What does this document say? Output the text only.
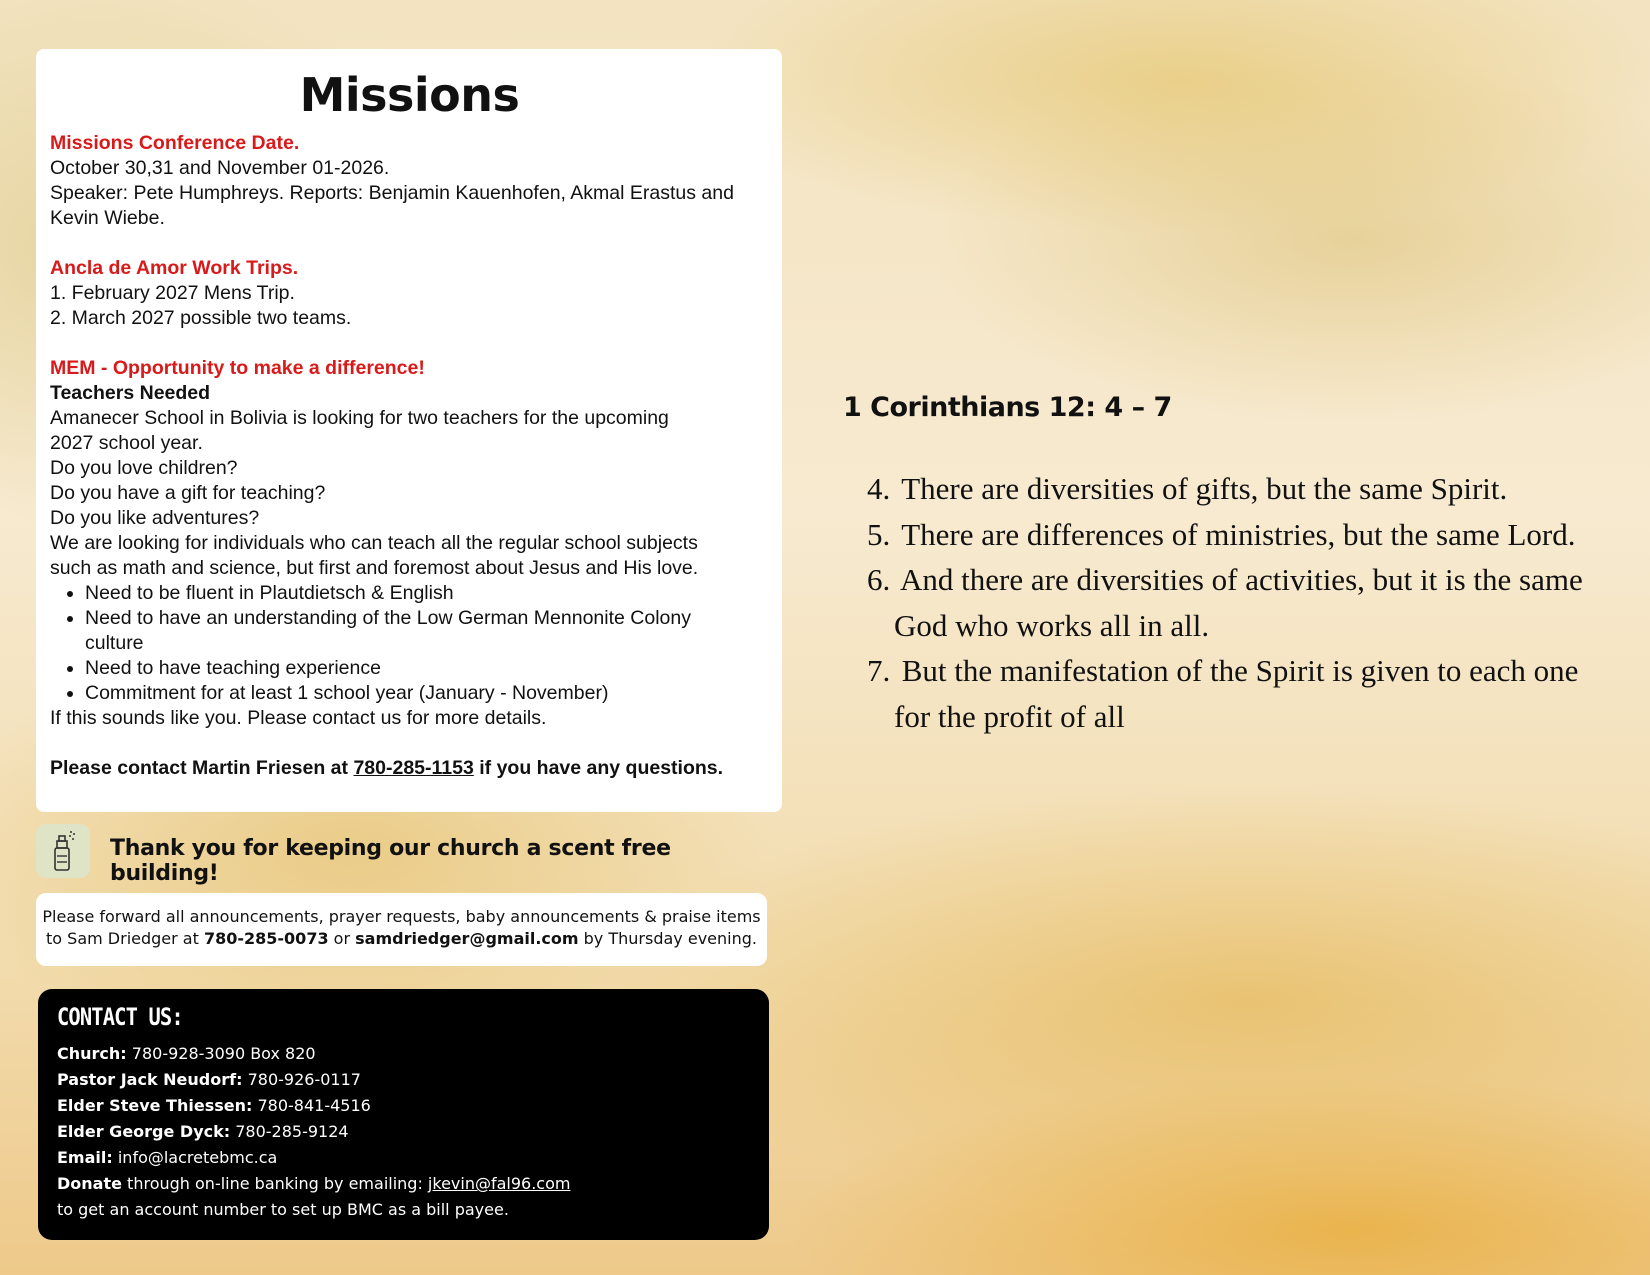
Missions
Missions Conference Date.
October 30,31 and November 01-2026.
Speaker: Pete Humphreys. Reports: Benjamin Kauenhofen, Akmal Erastus and Kevin Wiebe.
Ancla de Amor Work Trips.
1. February 2027 Mens Trip.
2. March 2027 possible two teams.
MEM - Opportunity to make a difference!
Teachers Needed
Amanecer School in Bolivia is looking for two teachers for the upcoming 2027 school year.
Do you love children?
Do you have a gift for teaching?
Do you like adventures?
We are looking for individuals who can teach all the regular school subjects such as math and science, but first and foremost about Jesus and His love.
• Need to be fluent in Plautdietsch & English
• Need to have an understanding of the Low German Mennonite Colony culture
• Need to have teaching experience
• Commitment for at least 1 school year (January - November)
If this sounds like you. Please contact us for more details.
Please contact Martin Friesen at 780-285-1153 if you have any questions.
Thank you for keeping our church a scent free building!
Please forward all announcements, prayer requests, baby announcements & praise items
to Sam Driedger at 780-285-0073 or samdriedger@gmail.com by Thursday evening.
CONTACT US:
Church: 780-928-3090 Box 820
Pastor Jack Neudorf: 780-926-0117
Elder Steve Thiessen: 780-841-4516
Elder George Dyck: 780-285-9124
Email: info@lacretebmc.ca
Donate through on-line banking by emailing: jkevin@fal96.com
to get an account number to set up BMC as a bill payee.
1 Corinthians 12: 4 – 7
4. There are diversities of gifts, but the same Spirit.
5. There are differences of ministries, but the same Lord.
6. And there are diversities of activities, but it is the same God who works all in all.
7. But the manifestation of the Spirit is given to each one for the profit of all
